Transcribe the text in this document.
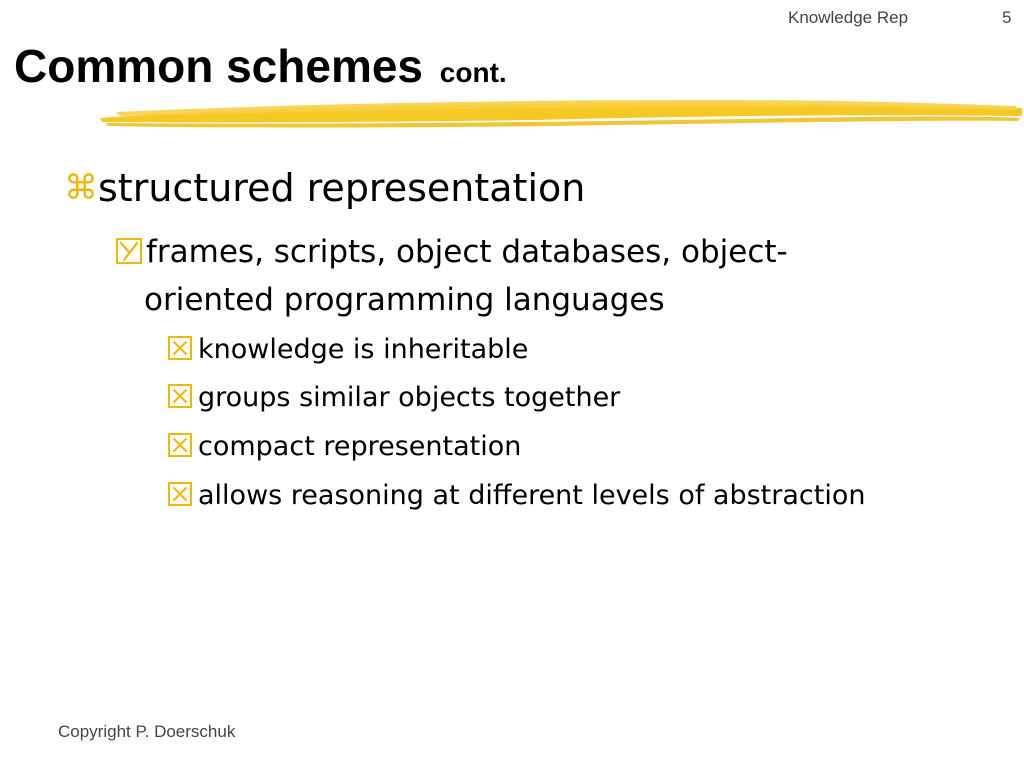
Knowledge Rep	5
Common schemes cont.
⌘structured representation
frames, scripts, object databases, object-
oriented programming languages
knowledge is inheritable
groups similar objects together
compact representation
allows reasoning at different levels of abstraction
Copyright P. Doerschuk
